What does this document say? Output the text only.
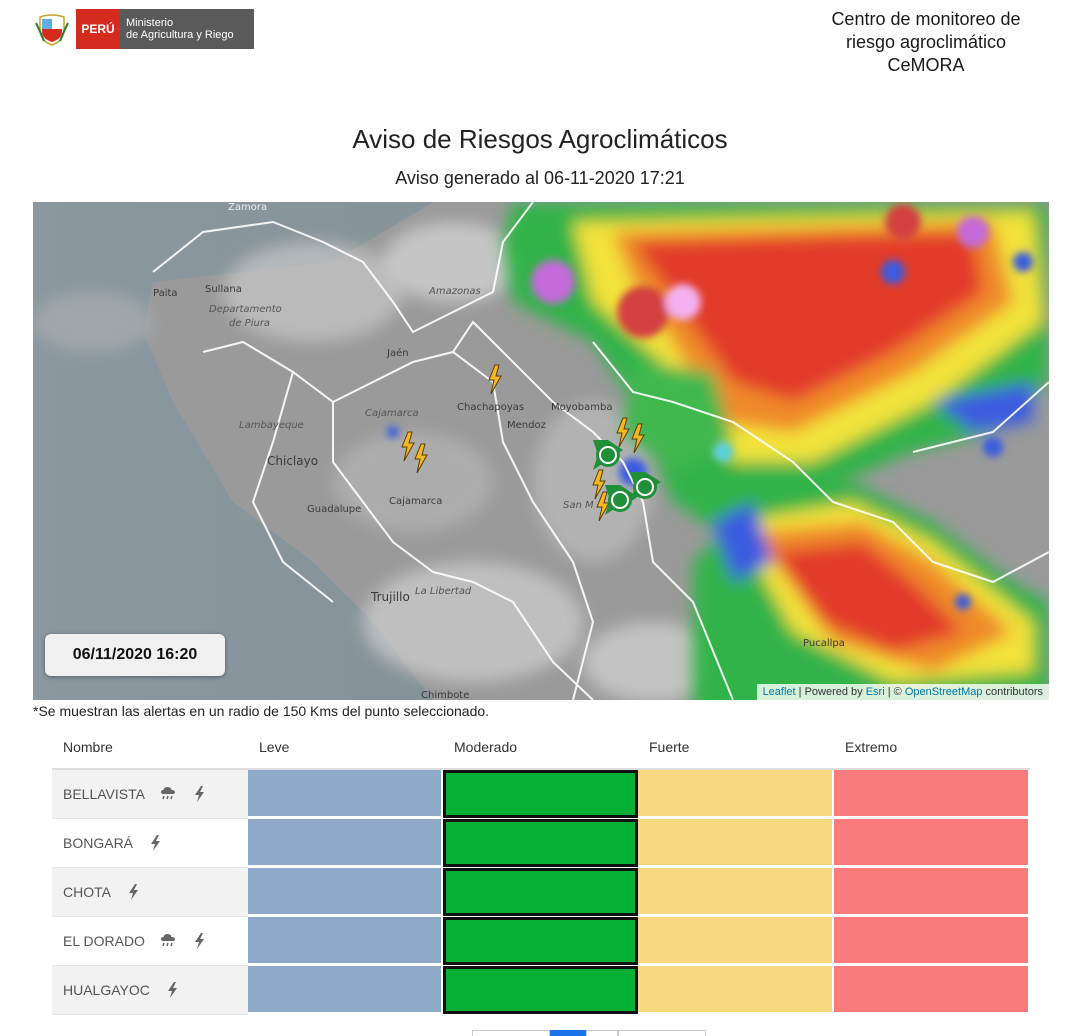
PERÚ	Ministerio
de Agricultura y Riego
Centro de monitoreo de
riesgo agroclimático
CeMORA
Aviso de Riesgos Agroclimáticos
Aviso generado al 06-11-2020 17:21
Zamora
Paita	Sullana
Departamento
de Piura
Amazonas
Jaén
Chachapoyas	Moyobamba
Mendoz
Lambayeque
Cajamarca
Chiclayo
Cajamarca
Guadalupe	San M
Trujillo La Libertad
Pucallpa
Chimbote
06/11/2020 16:20
Leaflet | Powered by Esri | © OpenStreetMap contributors
*Se muestran las alertas en un radio de 150 Kms del punto seleccionado.
Nombre	Leve	Moderado	Fuerte	Extremo
BELLAVISTA
BONGARÁ
CHOTA
EL DORADO
HUALGAYOC
